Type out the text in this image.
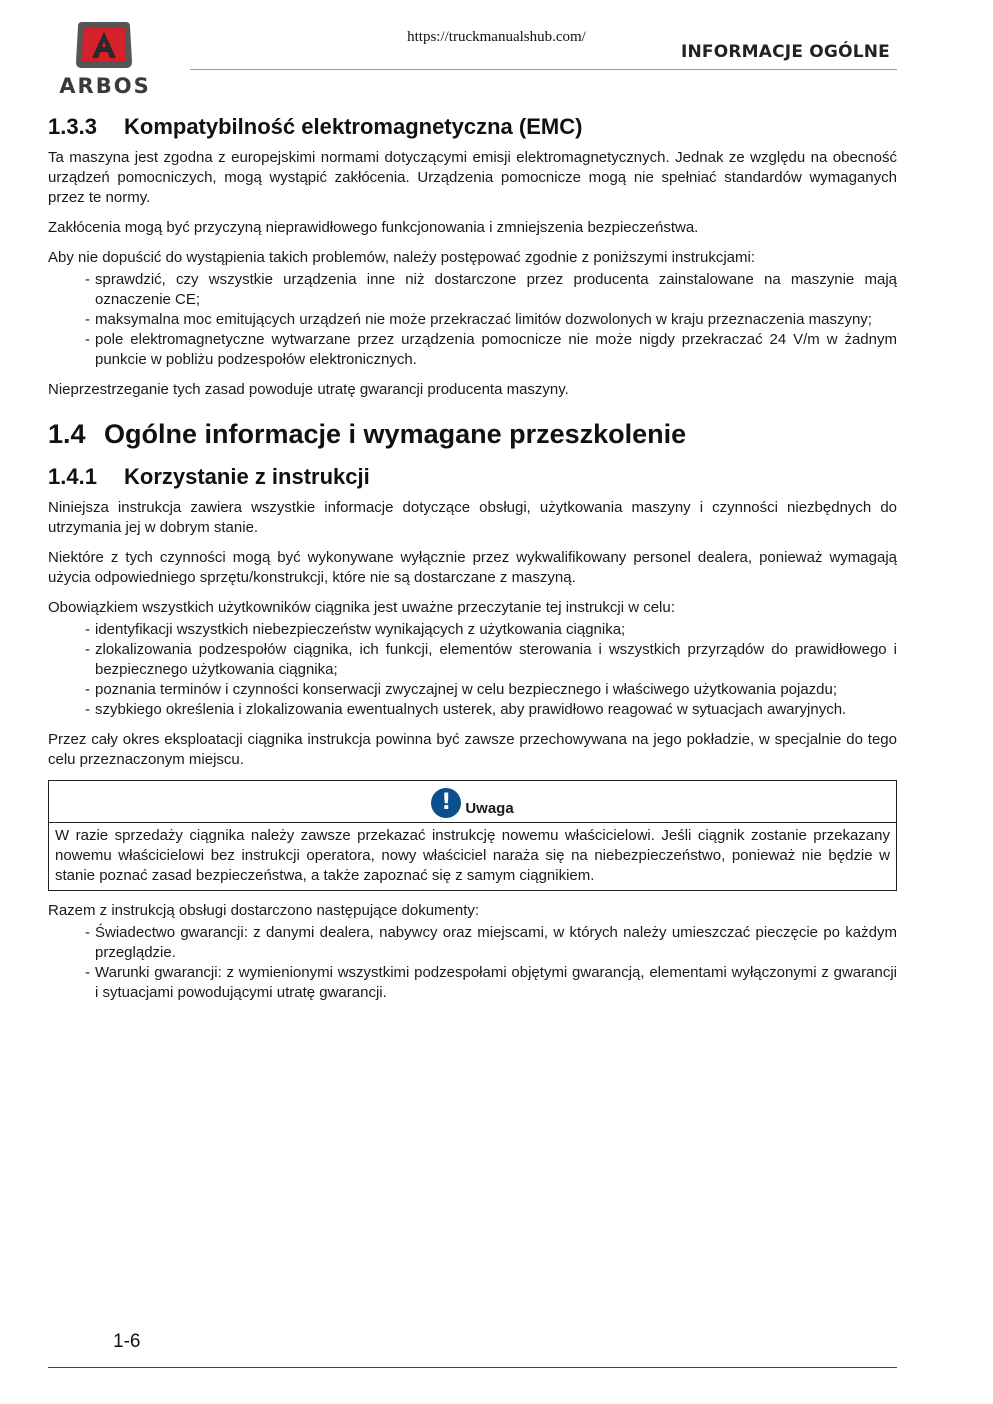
ARBOS
https://truckmanualshub.com/
INFORMACJE OGÓLNE
1.3.3 Kompatybilność elektromagnetyczna (EMC)

Ta maszyna jest zgodna z europejskimi normami dotyczącymi emisji elektromagnetycznych. Jednak ze względu na obecność urządzeń pomocniczych, mogą wystąpić zakłócenia. Urządzenia pomocnicze mogą nie spełniać standardów wymaganych przez te normy.

Zakłócenia mogą być przyczyną nieprawidłowego funkcjonowania i zmniejszenia bezpieczeństwa.

Aby nie dopuścić do wystąpienia takich problemów, należy postępować zgodnie z poniższymi instrukcjami:

- sprawdzić, czy wszystkie urządzenia inne niż dostarczone przez producenta zainstalowane na maszynie mają oznaczenie CE;
- maksymalna moc emitujących urządzeń nie może przekraczać limitów dozwolonych w kraju przeznaczenia maszyny;
- pole elektromagnetyczne wytwarzane przez urządzenia pomocnicze nie może nigdy przekraczać 24 V/m w żadnym punkcie w pobliżu podzespołów elektronicznych.

Nieprzestrzeganie tych zasad powoduje utratę gwarancji producenta maszyny.

1.4 Ogólne informacje i wymagane przeszkolenie
1.4.1 Korzystanie z instrukcji

Niniejsza instrukcja zawiera wszystkie informacje dotyczące obsługi, użytkowania maszyny i czynności niezbędnych do utrzymania jej w dobrym stanie.

Niektóre z tych czynności mogą być wykonywane wyłącznie przez wykwalifikowany personel dealera, ponieważ wymagają użycia odpowiedniego sprzętu/konstrukcji, które nie są dostarczane z maszyną.

Obowiązkiem wszystkich użytkowników ciągnika jest uważne przeczytanie tej instrukcji w celu:

- identyfikacji wszystkich niebezpieczeństw wynikających z użytkowania ciągnika;
- zlokalizowania podzespołów ciągnika, ich funkcji, elementów sterowania i wszystkich przyrządów do prawidłowego i bezpiecznego użytkowania ciągnika;
- poznania terminów i czynności konserwacji zwyczajnej w celu bezpiecznego i właściwego użytkowania pojazdu;
- szybkiego określenia i zlokalizowania ewentualnych usterek, aby prawidłowo reagować w sytuacjach awaryjnych.

Przez cały okres eksploatacji ciągnika instrukcja powinna być zawsze przechowywana na jego pokładzie, w specjalnie do tego celu przeznaczonym miejscu.

! Uwaga
W razie sprzedaży ciągnika należy zawsze przekazać instrukcję nowemu właścicielowi. Jeśli ciągnik zostanie przekazany nowemu właścicielowi bez instrukcji operatora, nowy właściciel naraża się na niebezpieczeństwo, ponieważ nie będzie w stanie poznać zasad bezpieczeństwa, a także zapoznać się z samym ciągnikiem.

Razem z instrukcją obsługi dostarczono następujące dokumenty:

- Świadectwo gwarancji: z danymi dealera, nabywcy oraz miejscami, w których należy umieszczać pieczęcie po każdym przeglądzie.
- Warunki gwarancji: z wymienionymi wszystkimi podzespołami objętymi gwarancją, elementami wyłączonymi z gwarancji i sytuacjami powodującymi utratę gwarancji.
1-6
